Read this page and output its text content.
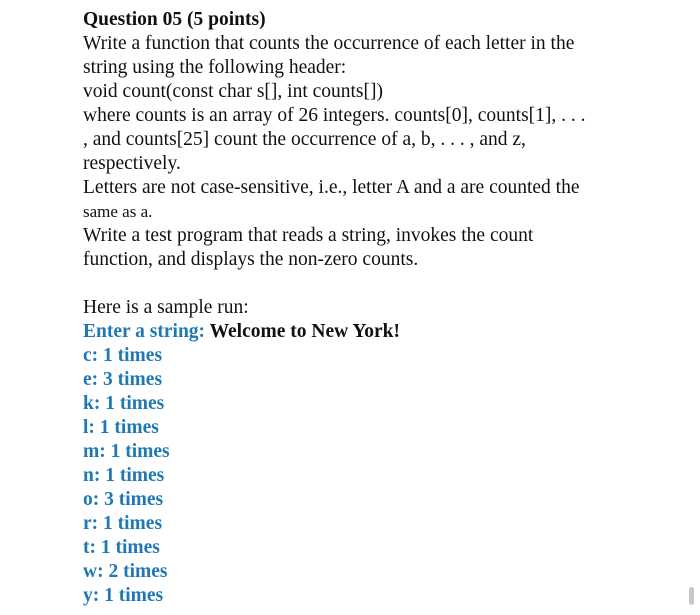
Question 05 (5 points)
Write a function that counts the occurrence of each letter in the
string using the following header:
void count(const char s[], int counts[])
where counts is an array of 26 integers. counts[0], counts[1], . . .
, and counts[25] count the occurrence of a, b, . . . , and z,
respectively.
Letters are not case-sensitive, i.e., letter A and a are counted the
same as a.
Write a test program that reads a string, invokes the count
function, and displays the non-zero counts.
Here is a sample run:
Enter a string: Welcome to New York!
c: 1 times
e: 3 times
k: 1 times
l: 1 times
m: 1 times
n: 1 times
o: 3 times
r: 1 times
t: 1 times
w: 2 times
y: 1 times
